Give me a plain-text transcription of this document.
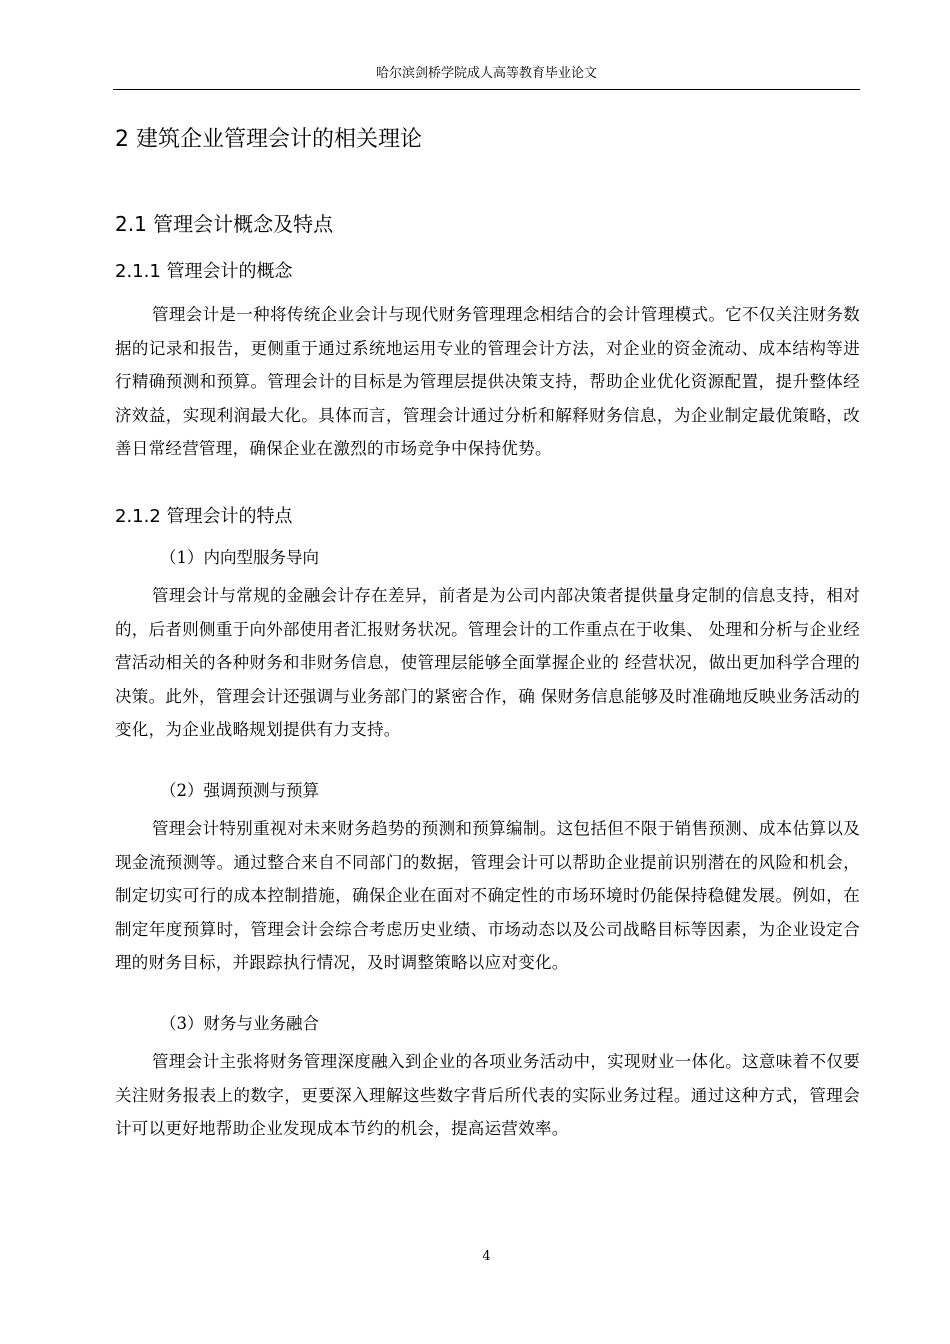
哈尔滨剑桥学院成人高等教育毕业论文
2 建筑企业管理会计的相关理论
2.1 管理会计概念及特点
2.1.1 管理会计的概念

管理会计是一种将传统企业会计与现代财务管理理念相结合的会计管理模式。它不仅关注财务数据的记录和报告，更侧重于通过系统地运用专业的管理会计方法，对企业的资金流动、成本结构等进行精确预测和预算。管理会计的目标是为管理层提供决策支持，帮助企业优化资源配置，提升整体经济效益，实现利润最大化。具体而言，管理会计通过分析和解释财务信息，为企业制定最优策略，改善日常经营管理，确保企业在激烈的市场竞争中保持优势。

2.1.2 管理会计的特点

（1）内向型服务导向

管理会计与常规的金融会计存在差异，前者是为公司内部决策者提供量身定制的信息支持，相对的，后者则侧重于向外部使用者汇报财务状况。管理会计的工作重点在于收集、 处理和分析与企业经营活动相关的各种财务和非财务信息，使管理层能够全面掌握企业的 经营状况，做出更加科学合理的决策。此外，管理会计还强调与业务部门的紧密合作，确 保财务信息能够及时准确地反映业务活动的变化，为企业战略规划提供有力支持。

（2）强调预测与预算

管理会计特别重视对未来财务趋势的预测和预算编制。这包括但不限于销售预测、成本估算以及现金流预测等。通过整合来自不同部门的数据，管理会计可以帮助企业提前识别潜在的风险和机会，制定切实可行的成本控制措施，确保企业在面对不确定性的市场环境时仍能保持稳健发展。例如，在制定年度预算时，管理会计会综合考虑历史业绩、市场动态以及公司战略目标等因素，为企业设定合理的财务目标，并跟踪执行情况，及时调整策略以应对变化。

（3）财务与业务融合

管理会计主张将财务管理深度融入到企业的各项业务活动中，实现财业一体化。这意味着不仅要关注财务报表上的数字，更要深入理解这些数字背后所代表的实际业务过程。通过这种方式，管理会计可以更好地帮助企业发现成本节约的机会，提高运营效率。

4
